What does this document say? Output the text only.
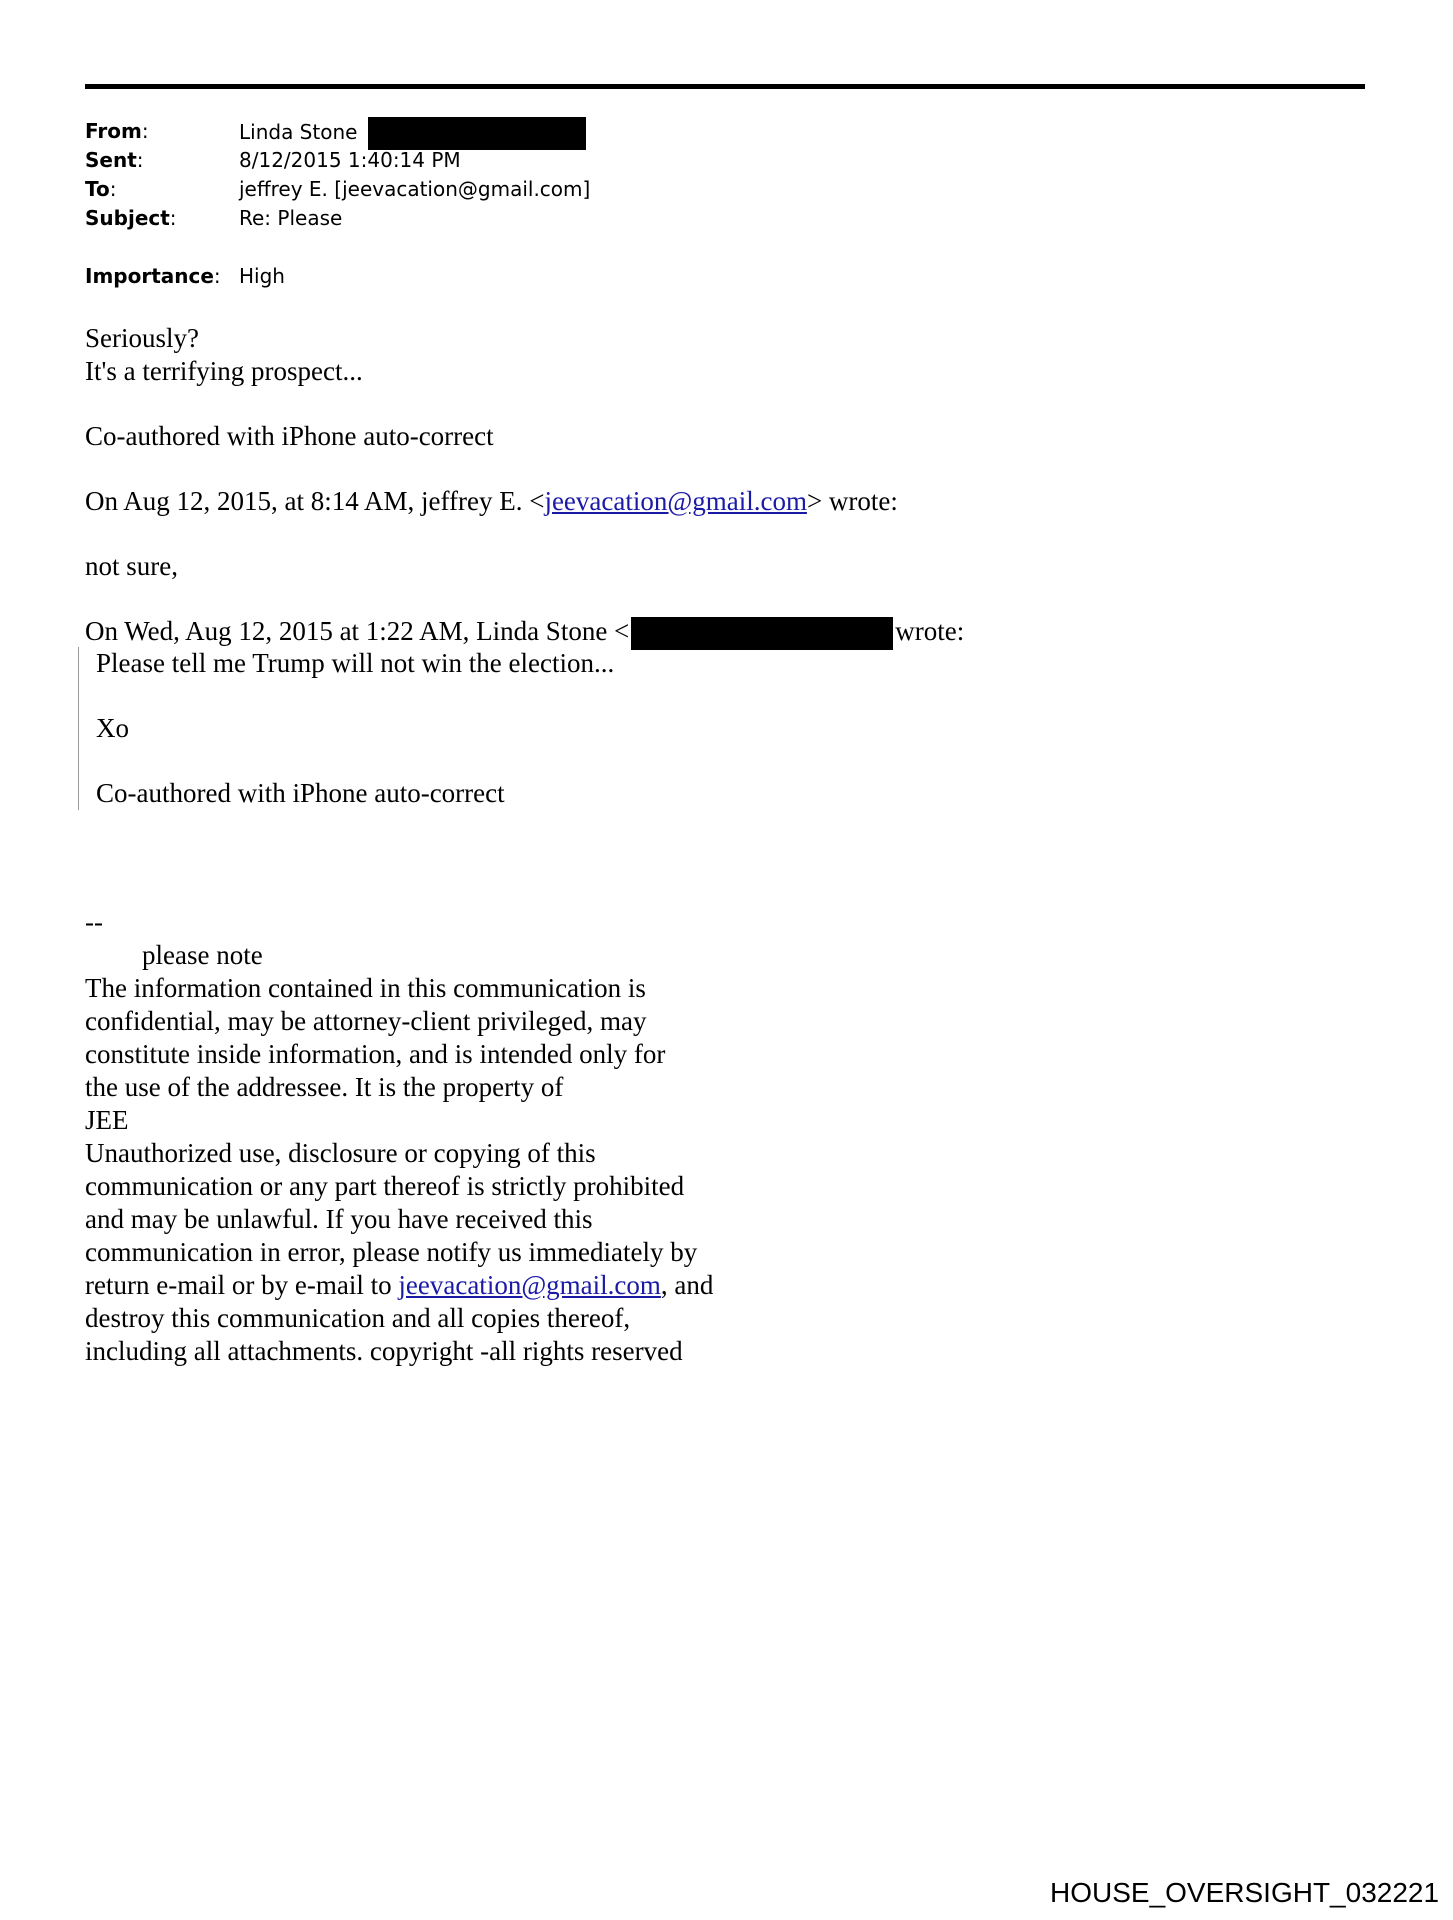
From:	Linda Stone
Sent:	8/12/2015 1:40:14 PM
To:	jeffrey E. [jeevacation@gmail.com]
Subject:	Re: Please
Importance: High
Seriously?
It's a terrifying prospect...
Co-authored with iPhone auto-correct
On Aug 12, 2015, at 8:14 AM, jeffrey E. <jeevacation@gmail.com> wrote:
not sure,
On Wed, Aug 12, 2015 at 1:22 AM, Linda Stone <	wrote:
Please tell me Trump will not win the election...
Xo
Co-authored with iPhone auto-correct
--
please note
The information contained in this communication is
confidential, may be attorney-client privileged, may
constitute inside information, and is intended only for
the use of the addressee. It is the property of
JEE
Unauthorized use, disclosure or copying of this
communication or any part thereof is strictly prohibited
and may be unlawful. If you have received this
communication in error, please notify us immediately by
return e-mail or by e-mail to jeevacation@gmail.com, and
destroy this communication and all copies thereof,
including all attachments. copyright -all rights reserved
HOUSE_OVERSIGHT_032221
